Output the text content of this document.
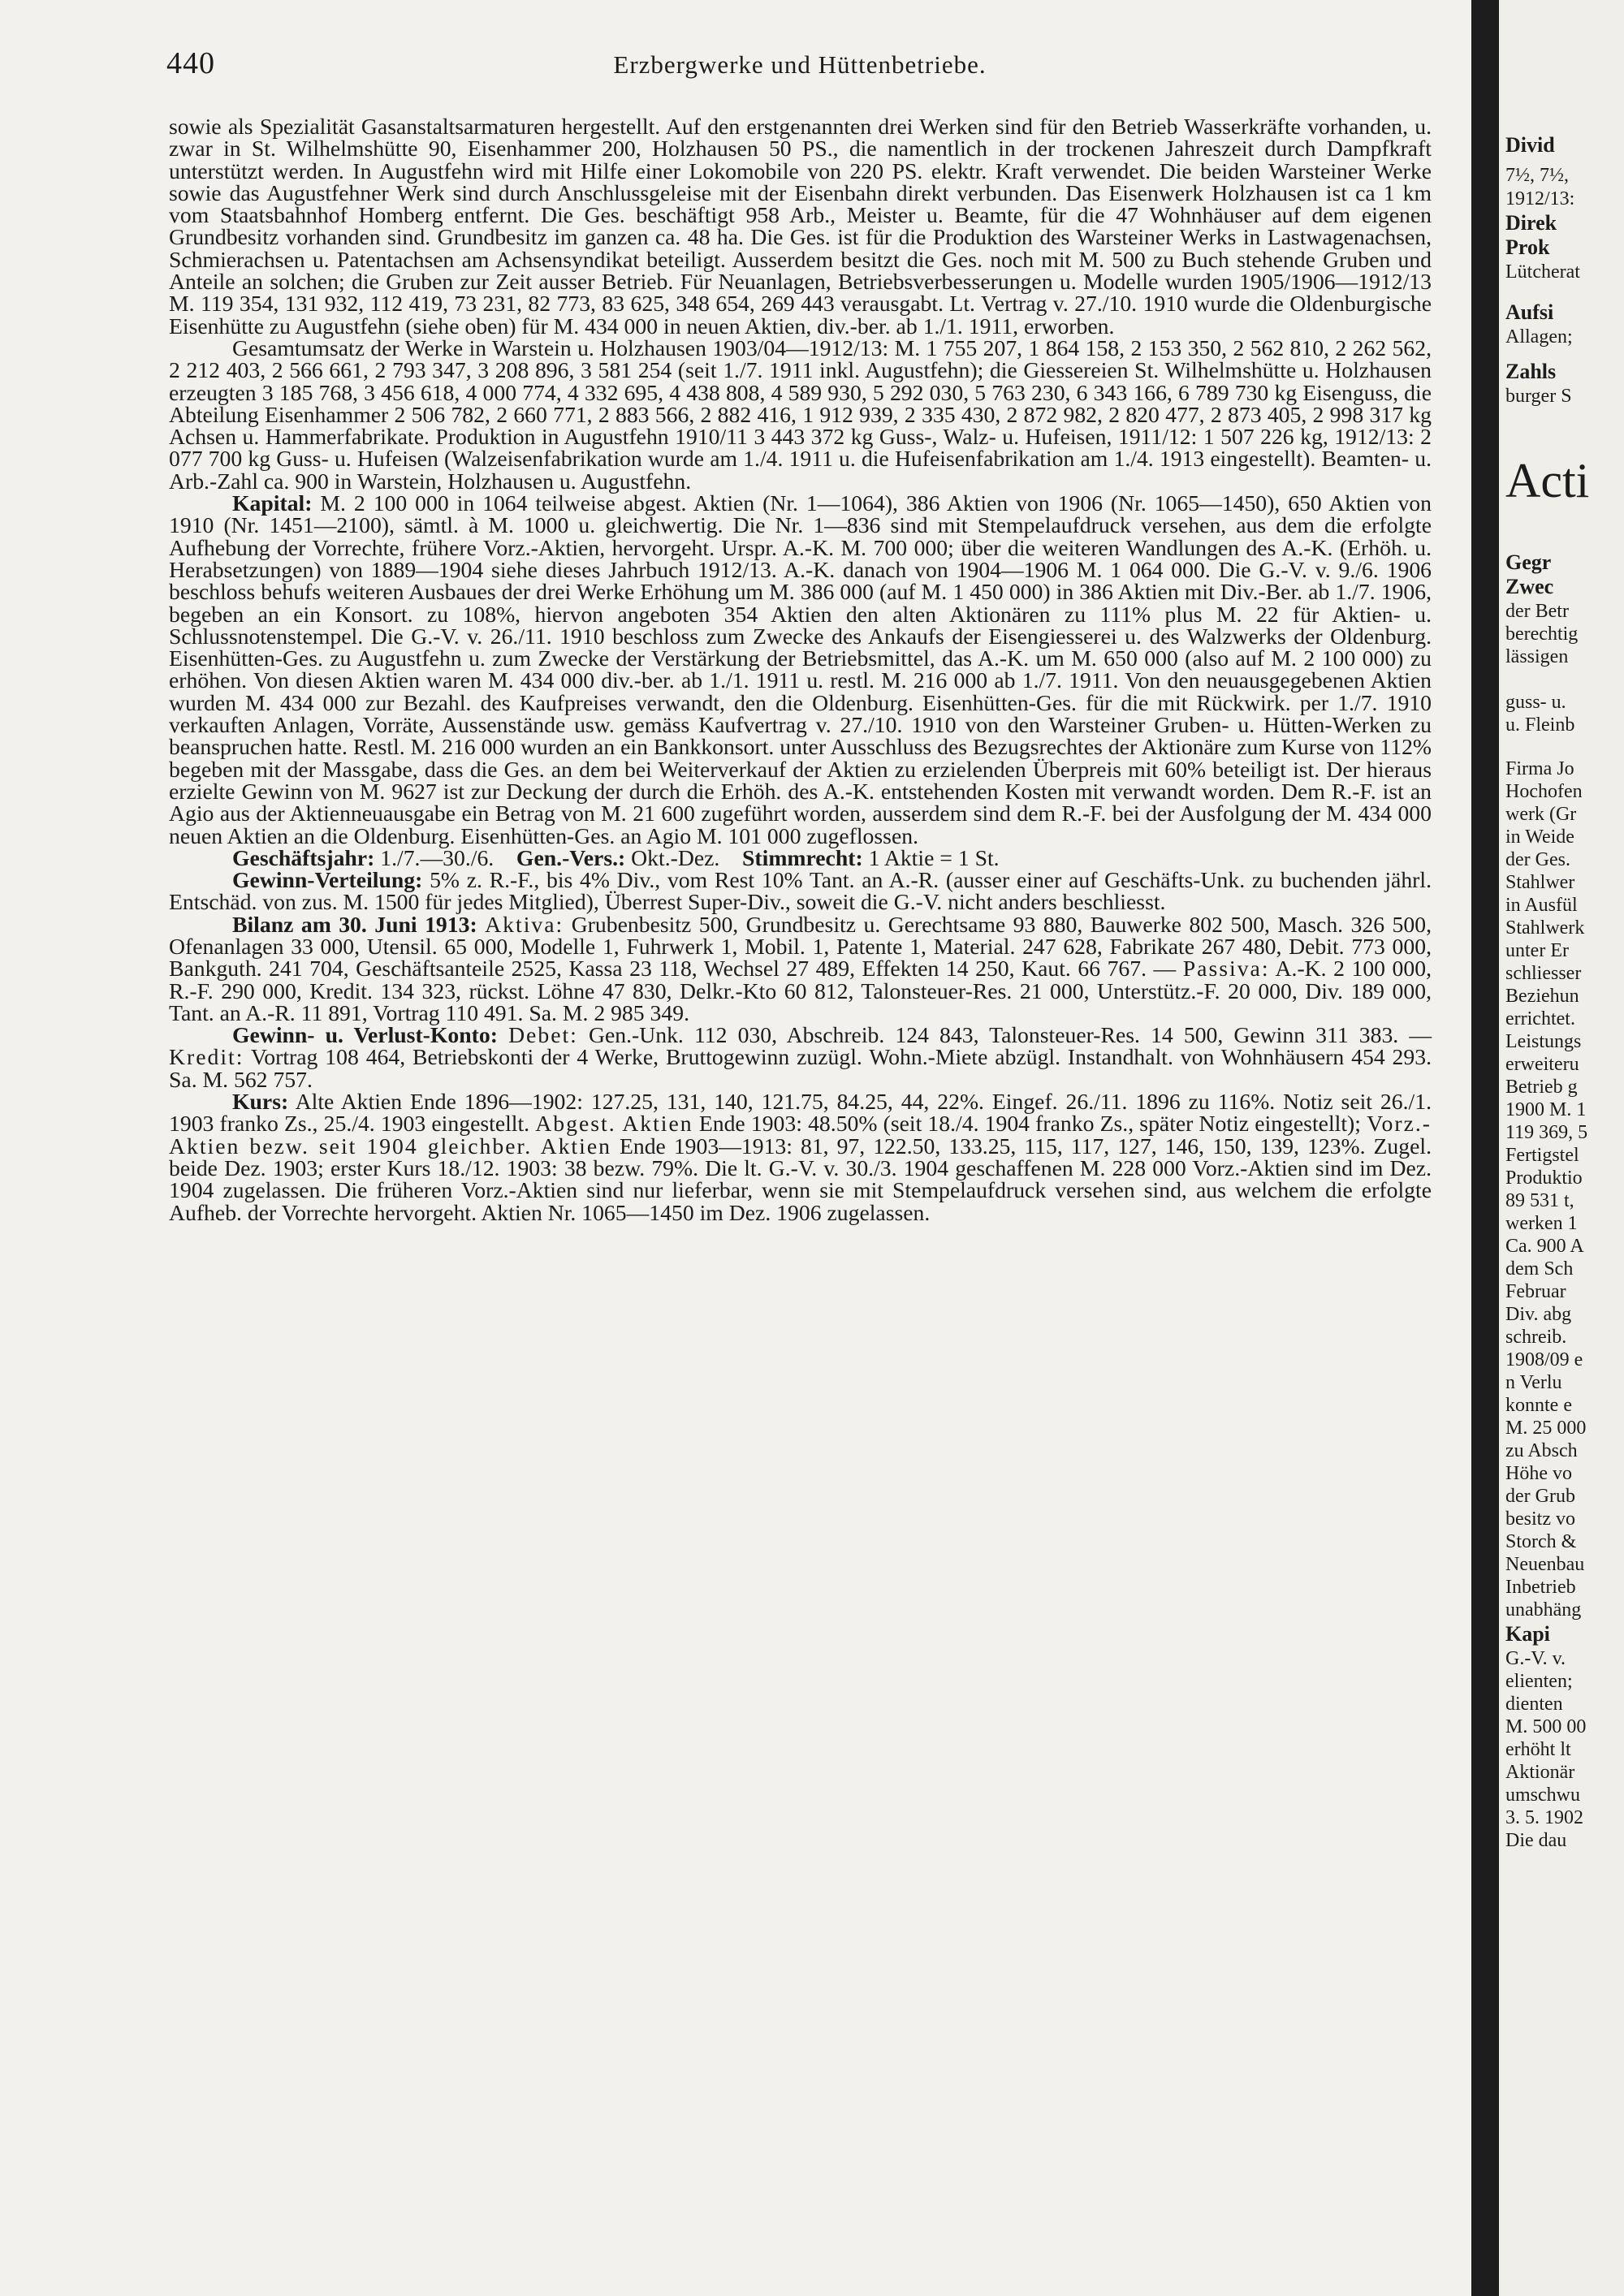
440	Erzbergwerke und Hüttenbetriebe.

sowie als Spezialität Gasanstaltsarmaturen hergestellt. Auf den erstgenannten drei Werken sind für den Betrieb Wasserkräfte vorhanden, u. zwar in St. Wilhelmshütte 90, Eisenhammer 200, Holzhausen 50 PS., die namentlich in der trockenen Jahreszeit durch Dampfkraft unterstützt werden. In Augustfehn wird mit Hilfe einer Lokomobile von 220 PS. elektr. Kraft verwendet. Die beiden Warsteiner Werke sowie das Augustfehner Werk sind durch Anschlussgeleise mit der Eisenbahn direkt verbunden. Das Eisenwerk Holzhausen ist ca 1 km vom Staatsbahnhof Homberg entfernt. Die Ges. beschäftigt 958 Arb., Meister u. Beamte, für die 47 Wohnhäuser auf dem eigenen Grundbesitz vorhanden sind. Grundbesitz im ganzen ca. 48 ha. Die Ges. ist für die Produktion des Warsteiner Werks in Lastwagenachsen, Schmierachsen u. Patentachsen am Achsensyndikat beteiligt. Ausserdem besitzt die Ges. noch mit M. 500 zu Buch stehende Gruben und Anteile an solchen; die Gruben zur Zeit ausser Betrieb. Für Neuanlagen, Betriebsverbesserungen u. Modelle wurden 1905/1906—1912/13 M. 119 354, 131 932, 112 419, 73 231, 82 773, 83 625, 348 654, 269 443 verausgabt. Lt. Vertrag v. 27./10. 1910 wurde die Oldenburgische Eisenhütte zu Augustfehn (siehe oben) für M. 434 000 in neuen Aktien, div.-ber. ab 1./1. 1911, erworben.

Gesamtumsatz der Werke in Warstein u. Holzhausen 1903/04—1912/13: M. 1 755 207, 1 864 158, 2 153 350, 2 562 810, 2 262 562, 2 212 403, 2 566 661, 2 793 347, 3 208 896, 3 581 254 (seit 1./7. 1911 inkl. Augustfehn); die Giessereien St. Wilhelmshütte u. Holzhausen erzeugten 3 185 768, 3 456 618, 4 000 774, 4 332 695, 4 438 808, 4 589 930, 5 292 030, 5 763 230, 6 343 166, 6 789 730 kg Eisenguss, die Abteilung Eisenhammer 2 506 782, 2 660 771, 2 883 566, 2 882 416, 1 912 939, 2 335 430, 2 872 982, 2 820 477, 2 873 405, 2 998 317 kg Achsen u. Hammerfabrikate. Produktion in Augustfehn 1910/11 3 443 372 kg Guss-, Walz- u. Hufeisen, 1911/12: 1 507 226 kg, 1912/13: 2 077 700 kg Guss- u. Hufeisen (Walzeisenfabrikation wurde am 1./4. 1911 u. die Hufeisenfabrikation am 1./4. 1913 eingestellt). Beamten- u. Arb.-Zahl ca. 900 in Warstein, Holzhausen u. Augustfehn.

Kapital: M. 2 100 000 in 1064 teilweise abgest. Aktien (Nr. 1—1064), 386 Aktien von 1906 (Nr. 1065—1450), 650 Aktien von 1910 (Nr. 1451—2100), sämtl. à M. 1000 u. gleichwertig. Die Nr. 1—836 sind mit Stempelaufdruck versehen, aus dem die erfolgte Aufhebung der Vorrechte, frühere Vorz.-Aktien, hervorgeht. Urspr. A.-K. M. 700 000; über die weiteren Wandlungen des A.-K. (Erhöh. u. Herabsetzungen) von 1889—1904 siehe dieses Jahrbuch 1912/13. A.-K. danach von 1904—1906 M. 1 064 000. Die G.-V. v. 9./6. 1906 beschloss behufs weiteren Ausbaues der drei Werke Erhöhung um M. 386 000 (auf M. 1 450 000) in 386 Aktien mit Div.-Ber. ab 1./7. 1906, begeben an ein Konsort. zu 108%, hiervon angeboten 354 Aktien den alten Aktionären zu 111% plus M. 22 für Aktien- u. Schlussnotenstempel. Die G.-V. v. 26./11. 1910 beschloss zum Zwecke des Ankaufs der Eisengiesserei u. des Walzwerks der Oldenburg. Eisenhütten-Ges. zu Augustfehn u. zum Zwecke der Verstärkung der Betriebsmittel, das A.-K. um M. 650 000 (also auf M. 2 100 000) zu erhöhen. Von diesen Aktien waren M. 434 000 div.-ber. ab 1./1. 1911 u. restl. M. 216 000 ab 1./7. 1911. Von den neuausgegebenen Aktien wurden M. 434 000 zur Bezahl. des Kaufpreises verwandt, den die Oldenburg. Eisenhütten-Ges. für die mit Rückwirk. per 1./7. 1910 verkauften Anlagen, Vorräte, Aussenstände usw. gemäss Kaufvertrag v. 27./10. 1910 von den Warsteiner Gruben- u. Hütten-Werken zu beanspruchen hatte. Restl. M. 216 000 wurden an ein Bankkonsort. unter Ausschluss des Bezugsrechtes der Aktionäre zum Kurse von 112% begeben mit der Massgabe, dass die Ges. an dem bei Weiterverkauf der Aktien zu erzielenden Überpreis mit 60% beteiligt ist. Der hieraus erzielte Gewinn von M. 9627 ist zur Deckung der durch die Erhöh. des A.-K. entstehenden Kosten mit verwandt worden. Dem R.-F. ist an Agio aus der Aktienneuausgabe ein Betrag von M. 21 600 zugeführt worden, ausserdem sind dem R.-F. bei der Ausfolgung der M. 434 000 neuen Aktien an die Oldenburg. Eisenhütten-Ges. an Agio M. 101 000 zugeflossen.

Geschäftsjahr: 1./7.—30./6. Gen.-Vers.: Okt.-Dez. Stimmrecht: 1 Aktie = 1 St.

Gewinn-Verteilung: 5% z. R.-F., bis 4% Div., vom Rest 10% Tant. an A.-R. (ausser einer auf Geschäfts-Unk. zu buchenden jährl. Entschäd. von zus. M. 1500 für jedes Mitglied), Überrest Super-Div., soweit die G.-V. nicht anders beschliesst.

Bilanz am 30. Juni 1913: Aktiva: Grubenbesitz 500, Grundbesitz u. Gerechtsame 93 880, Bauwerke 802 500, Masch. 326 500, Ofenanlagen 33 000, Utensil. 65 000, Modelle 1, Fuhrwerk 1, Mobil. 1, Patente 1, Material. 247 628, Fabrikate 267 480, Debit. 773 000, Bankguth. 241 704, Geschäftsanteile 2525, Kassa 23 118, Wechsel 27 489, Effekten 14 250, Kaut. 66 767. — Passiva: A.-K. 2 100 000, R.-F. 290 000, Kredit. 134 323, rückst. Löhne 47 830, Delkr.-Kto 60 812, Talonsteuer-Res. 21 000, Unterstütz.-F. 20 000, Div. 189 000, Tant. an A.-R. 11 891, Vortrag 110 491. Sa. M. 2 985 349.

Gewinn- u. Verlust-Konto: Debet: Gen.-Unk. 112 030, Abschreib. 124 843, Talonsteuer-Res. 14 500, Gewinn 311 383. — Kredit: Vortrag 108 464, Betriebskonti der 4 Werke, Bruttogewinn zuzügl. Wohn.-Miete abzügl. Instandhalt. von Wohnhäusern 454 293. Sa. M. 562 757.

Kurs: Alte Aktien Ende 1896—1902: 127.25, 131, 140, 121.75, 84.25, 44, 22%. Eingef. 26./11. 1896 zu 116%. Notiz seit 26./1. 1903 franko Zs., 25./4. 1903 eingestellt. Abgest. Aktien Ende 1903: 48.50% (seit 18./4. 1904 franko Zs., später Notiz eingestellt); Vorz.-Aktien bezw. seit 1904 gleichber. Aktien Ende 1903—1913: 81, 97, 122.50, 133.25, 115, 117, 127, 146, 150, 139, 123%. Zugel. beide Dez. 1903; erster Kurs 18./12. 1903: 38 bezw. 79%. Die lt. G.-V. v. 30./3. 1904 geschaffenen M. 228 000 Vorz.-Aktien sind im Dez. 1904 zugelassen. Die früheren Vorz.-Aktien sind nur lieferbar, wenn sie mit Stempelaufdruck versehen sind, aus welchem die erfolgte Aufheb. der Vorrechte hervorgeht. Aktien Nr. 1065—1450 im Dez. 1906 zugelassen.

Divid
7½, 7½,
1912/13:
Direk
Prok
Lütcherat
Aufsi
Allagen;
Zahls
burger S
Acti
Gegr
Zwec
der Betr
berechtig
lässigen
guss- u.
u. Fleinb
Firma Jo
Hochofen
werk (Gr
in Weide
der Ges.
Stahlwer
in Ausfül
Stahlwerk
unter Er
schliesser
Beziehun
errichtet.
Leistungs
erweiteru
Betrieb g
1900 M. 1
119 369, 5
Fertigstel
Produktio
89 531 t,
werken 1
Ca. 900 A
dem Sch
Februar
Div. abg
schreib.
1908/09 e
n Verlu
konnte e
M. 25 000
zu Absch
Höhe vo
der Grub
besitz vo
Storch &
Neuenbau
Inbetrieb
unabhäng
Kapi
G.-V. v.
elienten;
dienten
M. 500 00
erhöht lt
Aktionär
umschwu
3. 5. 1902
Die dau
